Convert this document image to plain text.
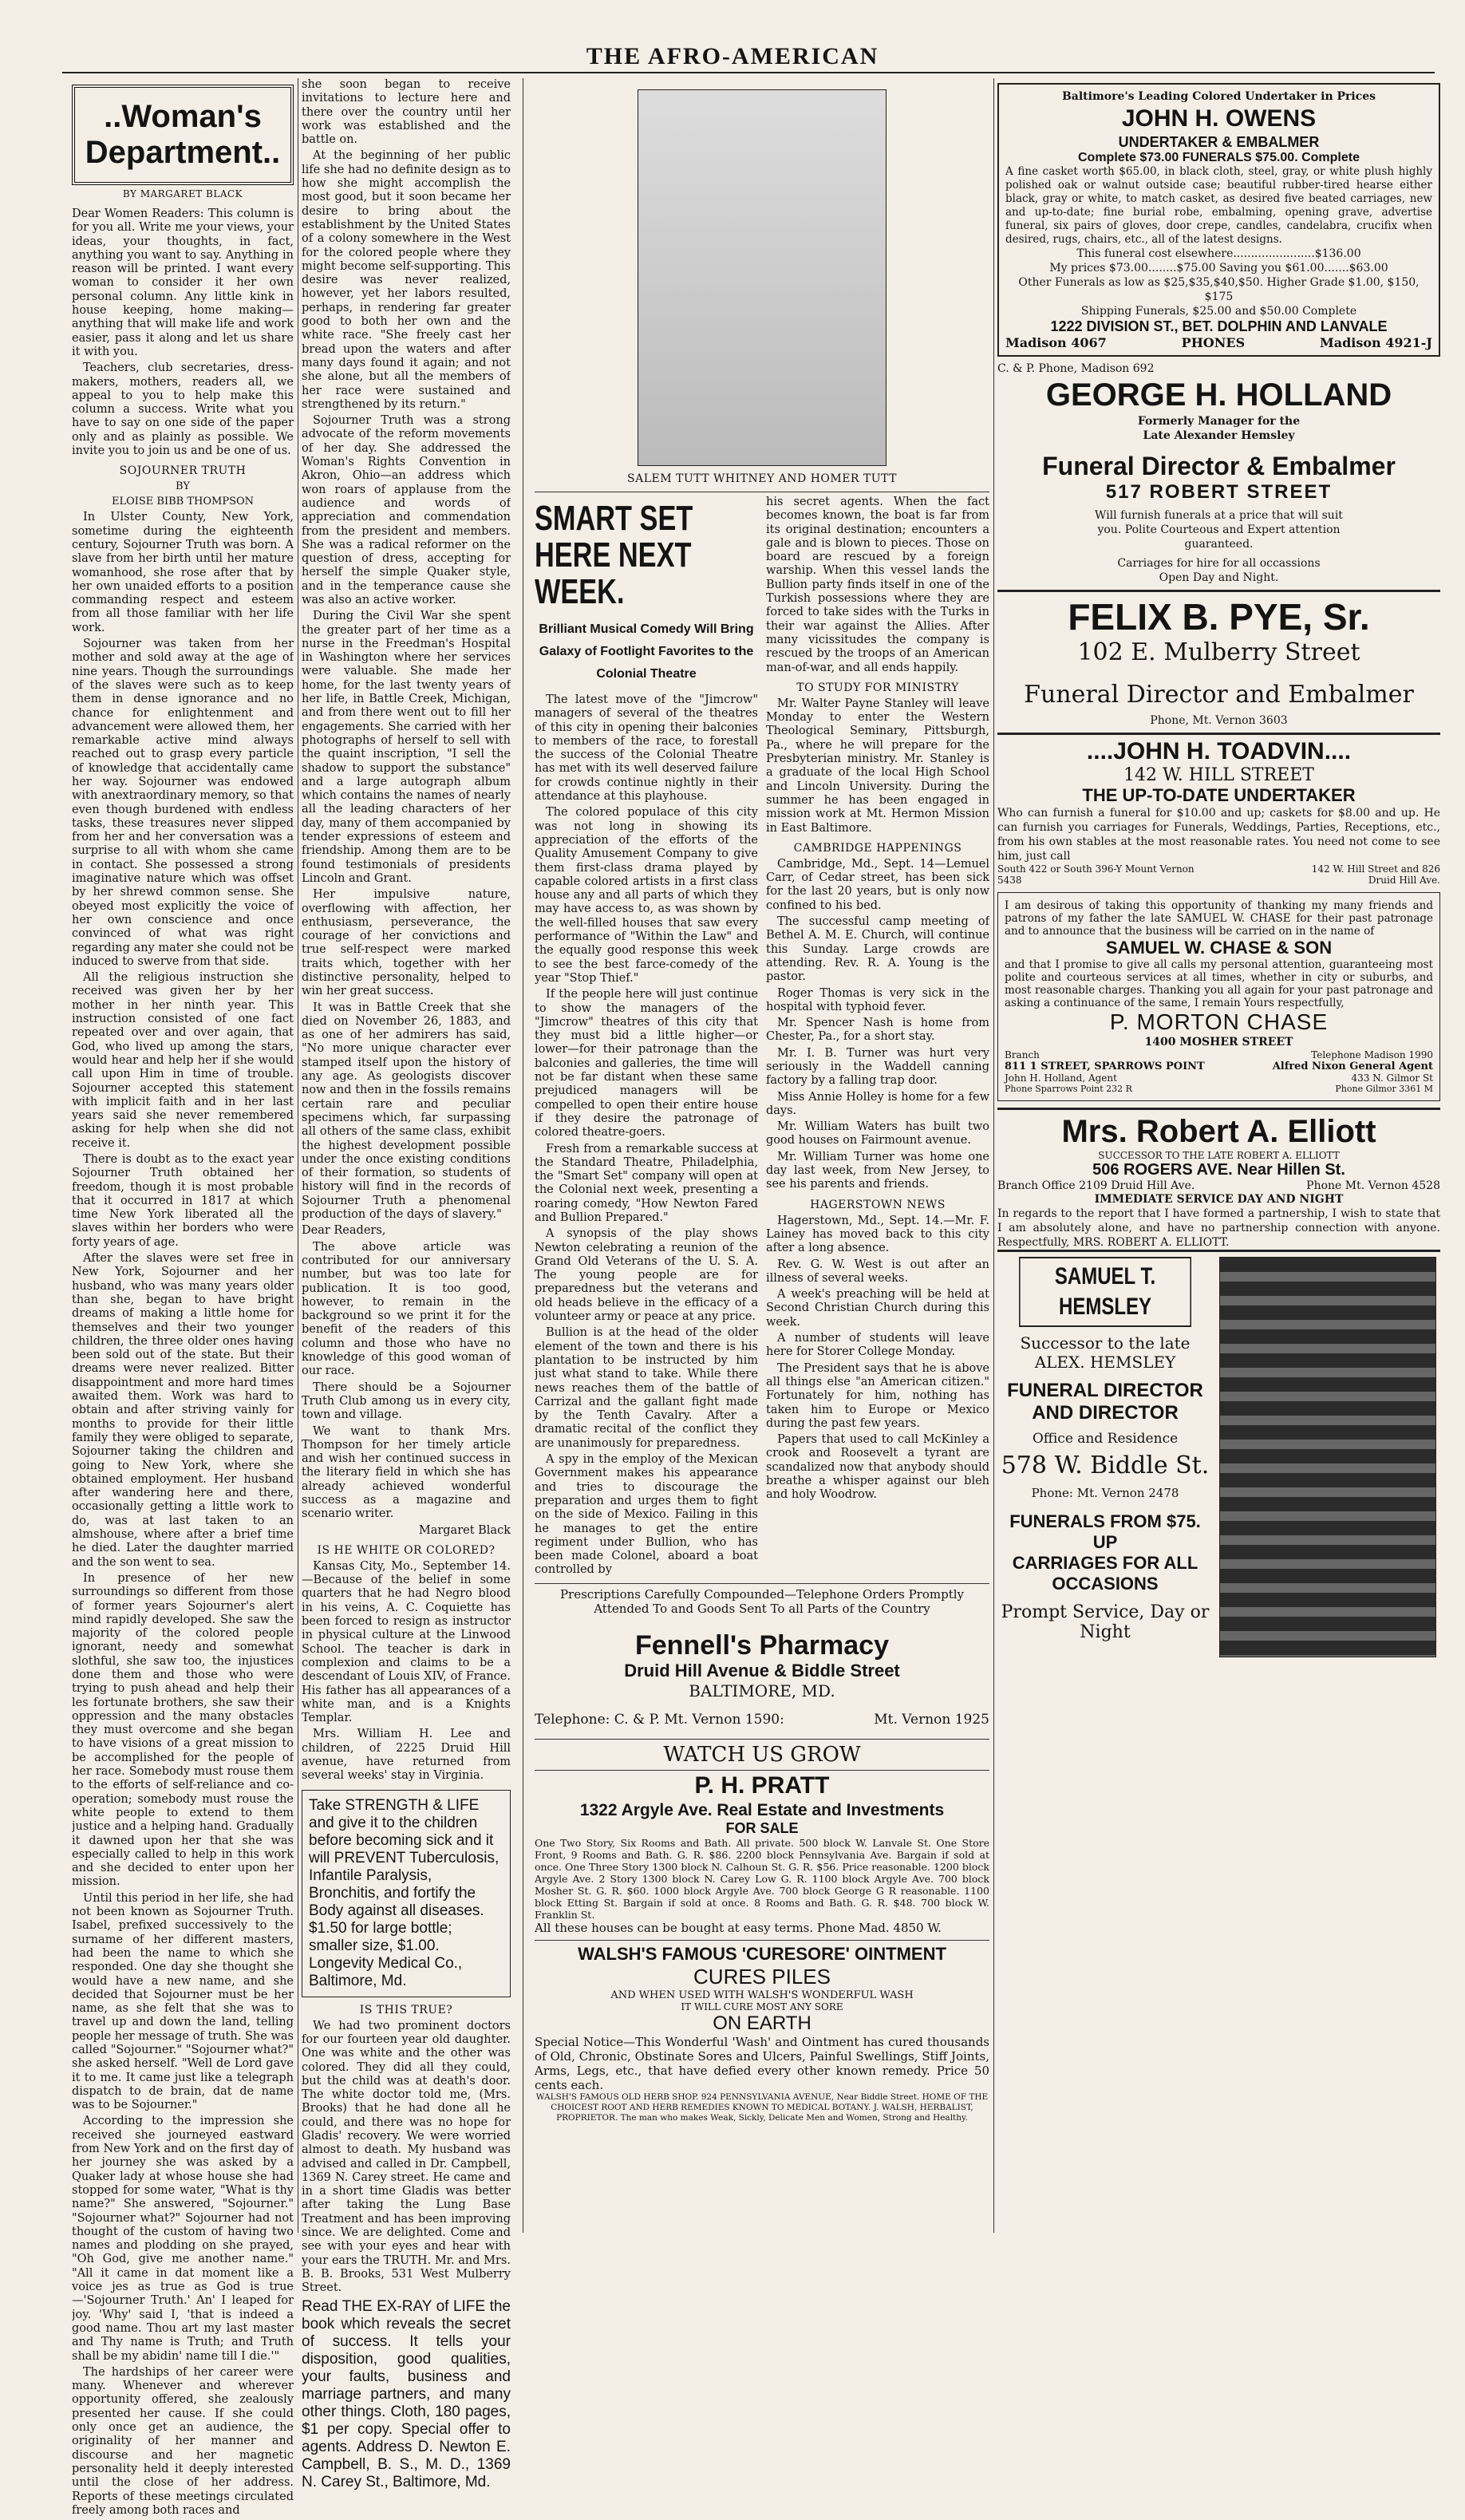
THE AFRO-AMERICAN
..Woman's Department..
BY MARGARET BLACK

Dear Women Readers: This column is for you all. Write me your views, your ideas, your thoughts, in fact, anything you want to say. Anything in reason will be printed. I want every woman to consider it her own personal column. Any little kink in house keeping, home making—anything that will make life and work easier, pass it along and let us share it with you.

Teachers, club secretaries, dress-makers, mothers, readers all, we appeal to you to help make this column a success. Write what you have to say on one side of the paper only and as plainly as possible. We invite you to join us and be one of us.

SOJOURNER TRUTH
BY
ELOISE BIBB THOMPSON

In Ulster County, New York, sometime during the eighteenth century, Sojourner Truth was born. A slave from her birth until her mature womanhood, she rose after that by her own unaided efforts to a position commanding respect and esteem from all those familiar with her life work.

Sojourner was taken from her mother and sold away at the age of nine years. Though the surroundings of the slaves were such as to keep them in dense ignorance and no chance for enlightenment and advancement were allowed them, her remarkable active mind always reached out to grasp every particle of knowledge that accidentally came her way. Sojourner was endowed with anextraordinary memory, so that even though burdened with endless tasks, these treasures never slipped from her and her conversation was a surprise to all with whom she came in contact. She possessed a strong imaginative nature which was offset by her shrewd common sense. She obeyed most explicitly the voice of her own conscience and once convinced of what was right regarding any mater she could not be induced to swerve from that side.

All the religious instruction she received was given her by her mother in her ninth year. This instruction consisted of one fact repeated over and over again, that God, who lived up among the stars, would hear and help her if she would call upon Him in time of trouble. Sojourner accepted this statement with implicit faith and in her last years said she never remembered asking for help when she did not receive it.

There is doubt as to the exact year Sojourner Truth obtained her freedom, though it is most probable that it occurred in 1817 at which time New York liberated all the slaves within her borders who were forty years of age.

After the slaves were set free in New York, Sojourner and her husband, who was many years older than she, began to have bright dreams of making a little home for themselves and their two younger children, the three older ones having been sold out of the state. But their dreams were never realized. Bitter disappointment and more hard times awaited them. Work was hard to obtain and after striving vainly for months to provide for their little family they were obliged to separate, Sojourner taking the children and going to New York, where she obtained employment. Her husband after wandering here and there, occasionally getting a little work to do, was at last taken to an almshouse, where after a brief time he died. Later the daughter married and the son went to sea.

In presence of her new surroundings so different from those of former years Sojourner's alert mind rapidly developed. She saw the majority of the colored people ignorant, needy and somewhat slothful, she saw too, the injustices done them and those who were trying to push ahead and help their les fortunate brothers, she saw their oppression and the many obstacles they must overcome and she began to have visions of a great mission to be accomplished for the people of her race. Somebody must rouse them to the efforts of self-reliance and co-operation; somebody must rouse the white people to extend to them justice and a helping hand. Gradually it dawned upon her that she was especially called to help in this work and she decided to enter upon her mission.

Until this period in her life, she had not been known as Sojourner Truth. Isabel, prefixed successively to the surname of her different masters, had been the name to which she responded. One day she thought she would have a new name, and she decided that Sojourner must be her name, as she felt that she was to travel up and down the land, telling people her message of truth. She was called "Sojourner." "Sojourner what?" she asked herself. "Well de Lord gave it to me. It came just like a telegraph dispatch to de brain, dat de name was to be Sojourner."

According to the impression she received she journeyed eastward from New York and on the first day of her journey she was asked by a Quaker lady at whose house she had stopped for some water, "What is thy name?" She answered, "Sojourner." "Sojourner what?" Sojourner had not thought of the custom of having two names and plodding on she prayed, "Oh God, give me another name." "All it came in dat moment like a voice jes as true as God is true—'Sojourner Truth.' An' I leaped for joy. 'Why' said I, 'that is indeed a good name. Thou art my last master and Thy name is Truth; and Truth shall be my abidin' name till I die.'"

The hardships of her career were many. Whenever and wherever opportunity offered, she zealously presented her cause. If she could only once get an audience, the originality of her manner and discourse and her magnetic personality held it deeply interested until the close of her address. Reports of these meetings circulated freely among both races and

she soon began to receive invitations to lecture here and there over the country until her work was established and the battle on.

At the beginning of her public life she had no definite design as to how she might accomplish the most good, but it soon became her desire to bring about the establishment by the United States of a colony somewhere in the West for the colored people where they might become self-supporting. This desire was never realized, however, yet her labors resulted, perhaps, in rendering far greater good to both her own and the white race. "She freely cast her bread upon the waters and after many days found it again; and not she alone, but all the members of her race were sustained and strengthened by its return."

Sojourner Truth was a strong advocate of the reform movements of her day. She addressed the Woman's Rights Convention in Akron, Ohio—an address which won roars of applause from the audience and words of appreciation and commendation from the president and members. She was a radical reformer on the question of dress, accepting for herself the simple Quaker style, and in the temperance cause she was also an active worker.

During the Civil War she spent the greater part of her time as a nurse in the Freedman's Hospital in Washington where her services were valuable. She made her home, for the last twenty years of her life, in Battle Creek, Michigan, and from there went out to fill her engagements. She carried with her photographs of herself to sell with the quaint inscription, "I sell the shadow to support the substance" and a large autograph album which contains the names of nearly all the leading characters of her day, many of them accompanied by tender expressions of esteem and friendship. Among them are to be found testimonials of presidents Lincoln and Grant.

Her impulsive nature, overflowing with affection, her enthusiasm, perseverance, the courage of her convictions and true self-respect were marked traits which, together with her distinctive personality, helped to win her great success.

It was in Battle Creek that she died on November 26, 1883, and as one of her admirers has said, "No more unique character ever stamped itself upon the history of any age. As geologists discover now and then in the fossils remains certain rare and peculiar specimens which, far surpassing all others of the same class, exhibit the highest development possible under the once existing conditions of their formation, so students of history will find in the records of Sojourner Truth a phenomenal production of the days of slavery."

Dear Readers,

The above article was contributed for our anniversary number, but was too late for publication. It is too good, however, to remain in the background so we print it for the benefit of the readers of this column and those who have no knowledge of this good woman of our race.

There should be a Sojourner Truth Club among us in every city, town and village.

We want to thank Mrs. Thompson for her timely article and wish her continued success in the literary field in which she has already achieved wonderful success as a magazine and scenario writer.

Margaret Black

IS HE WHITE OR COLORED?

Kansas City, Mo., September 14.—Because of the belief in some quarters that he had Negro blood in his veins, A. C. Coquiette has been forced to resign as instructor in physical culture at the Linwood School. The teacher is dark in complexion and claims to be a descendant of Louis XIV, of France. His father has all appearances of a white man, and is a Knights Templar.

Mrs. William H. Lee and children, of 2225 Druid Hill avenue, have returned from several weeks' stay in Virginia.

Take STRENGTH & LIFE and give it to the children before becoming sick and it will PREVENT Tuberculosis, Infantile Paralysis, Bronchitis, and fortify the Body against all diseases. $1.50 for large bottle; smaller size, $1.00. Longevity Medical Co., Baltimore, Md.
IS THIS TRUE?

We had two prominent doctors for our fourteen year old daughter. One was white and the other was colored. They did all they could, but the child was at death's door. The white doctor told me, (Mrs. Brooks) that he had done all he could, and there was no hope for Gladis' recovery. We were worried almost to death. My husband was advised and called in Dr. Campbell, 1369 N. Carey street. He came and in a short time Gladis was better after taking the Lung Base Treatment and has been improving since. We are delighted. Come and see with your eyes and hear with your ears the TRUTH. Mr. and Mrs. B. B. Brooks, 531 West Mulberry Street.

Read THE EX-RAY of LIFE the book which reveals the secret of success. It tells your disposition, good qualities, your faults, business and marriage partners, and many other things. Cloth, 180 pages, $1 per copy. Special offer to agents. Address D. Newton E. Campbell, B. S., M. D., 1369 N. Carey St., Baltimore, Md.
SALEM TUTT WHITNEY AND HOMER TUTT
SMART SET HERE NEXT WEEK.
Brilliant Musical Comedy Will Bring Galaxy of Footlight Favorites to the Colonial Theatre

The latest move of the "Jimcrow" managers of several of the theatres of this city in opening their balconies to members of the race, to forestall the success of the Colonial Theatre has met with its well deserved failure for crowds continue nightly in their attendance at this playhouse.

The colored populace of this city was not long in showing its appreciation of the efforts of the Quality Amusement Company to give them first-class drama played by capable colored artists in a first class house any and all parts of which they may have access to, as was shown by the well-filled houses that saw every performance of "Within the Law" and the equally good response this week to see the best farce-comedy of the year "Stop Thief."

If the people here will just continue to show the managers of the "Jimcrow" theatres of this city that they must bid a little higher—or lower—for their patronage than the balconies and galleries, the time will not be far distant when these same prejudiced managers will be compelled to open their entire house if they desire the patronage of colored theatre-goers.

Fresh from a remarkable success at the Standard Theatre, Philadelphia, the "Smart Set" company will open at the Colonial next week, presenting a roaring comedy, "How Newton Fared and Bullion Prepared."

A synopsis of the play shows Newton celebrating a reunion of the Grand Old Veterans of the U. S. A. The young people are for preparedness but the veterans and old heads believe in the efficacy of a volunteer army or peace at any price.

Bullion is at the head of the older element of the town and there is his plantation to be instructed by him just what stand to take. While there news reaches them of the battle of Carrizal and the gallant fight made by the Tenth Cavalry. After a dramatic recital of the conflict they are unanimously for preparedness.

A spy in the employ of the Mexican Government makes his appearance and tries to discourage the preparation and urges them to fight on the side of Mexico. Failing in this he manages to get the entire regiment under Bullion, who has been made Colonel, aboard a boat controlled by

his secret agents. When the fact becomes known, the boat is far from its original destination; encounters a gale and is blown to pieces. Those on board are rescued by a foreign warship. When this vessel lands the Bullion party finds itself in one of the Turkish possessions where they are forced to take sides with the Turks in their war against the Allies. After many vicissitudes the company is rescued by the troops of an American man-of-war, and all ends happily.

TO STUDY FOR MINISTRY

Mr. Walter Payne Stanley will leave Monday to enter the Western Theological Seminary, Pittsburgh, Pa., where he will prepare for the Presbyterian ministry. Mr. Stanley is a graduate of the local High School and Lincoln University. During the summer he has been engaged in mission work at Mt. Hermon Mission in East Baltimore.

CAMBRIDGE HAPPENINGS

Cambridge, Md., Sept. 14—Lemuel Carr, of Cedar street, has been sick for the last 20 years, but is only now confined to his bed.

The successful camp meeting of Bethel A. M. E. Church, will continue this Sunday. Large crowds are attending. Rev. R. A. Young is the pastor.

Roger Thomas is very sick in the hospital with typhoid fever.

Mr. Spencer Nash is home from Chester, Pa., for a short stay.

Mr. I. B. Turner was hurt very seriously in the Waddell canning factory by a falling trap door.

Miss Annie Holley is home for a few days.

Mr. William Waters has built two good houses on Fairmount avenue.

Mr. William Turner was home one day last week, from New Jersey, to see his parents and friends.

HAGERSTOWN NEWS

Hagerstown, Md., Sept. 14.—Mr. F. Lainey has moved back to this city after a long absence.

Rev. G. W. West is out after an illness of several weeks.

A week's preaching will be held at Second Christian Church during this week.

A number of students will leave here for Storer College Monday.

The President says that he is above all things else "an American citizen." Fortunately for him, nothing has taken him to Europe or Mexico during the past few years.

Papers that used to call McKinley a crook and Roosevelt a tyrant are scandalized now that anybody should breathe a whisper against our bleh and holy Woodrow.

Prescriptions Carefully Compounded—Telephone Orders Promptly Attended To and Goods Sent To all Parts of the Country
Fennell's Pharmacy
Druid Hill Avenue & Biddle Street
BALTIMORE, MD.
Telephone: C. & P. Mt. Vernon 1590:	Mt. Vernon 1925
WATCH US GROW
P. H. PRATT
1322 Argyle Ave. Real Estate and Investments
FOR SALE
One Two Story, Six Rooms and Bath. All private. 500 block W. Lanvale St. One Store Front, 9 Rooms and Bath. G. R. $86. 2200 block Pennsylvania Ave. Bargain if sold at once. One Three Story 1300 block N. Calhoun St. G. R. $56. Price reasonable. 1200 block Argyle Ave. 2 Story 1300 block N. Carey Low G. R. 1100 block Argyle Ave. 700 block Mosher St. G. R. $60. 1000 block Argyle Ave. 700 block George G R reasonable. 1100 block Etting St. Bargain if sold at once. 8 Rooms and Bath. G. R. $48. 700 block W. Franklin St.
All these houses can be bought at easy terms. Phone Mad. 4850 W.
WALSH'S FAMOUS 'CURESORE' OINTMENT
CURES PILES
AND WHEN USED WITH WALSH'S WONDERFUL WASH
IT WILL CURE MOST ANY SORE
ON EARTH
Special Notice—This Wonderful 'Wash' and Ointment has cured thousands of Old, Chronic, Obstinate Sores and Ulcers, Painful Swellings, Stiff Joints, Arms, Legs, etc., that have defied every other known remedy. Price 50 cents each.
WALSH'S FAMOUS OLD HERB SHOP. 924 PENNSYLVANIA AVENUE, Near Biddle Street. HOME OF THE CHOICEST ROOT AND HERB REMEDIES KNOWN TO MEDICAL BOTANY. J. WALSH, HERBALIST, PROPRIETOR. The man who makes Weak, Sickly, Delicate Men and Women, Strong and Healthy.
Baltimore's Leading Colored Undertaker in Prices
JOHN H. OWENS
UNDERTAKER & EMBALMER
Complete $73.00 FUNERALS $75.00. Complete
A fine casket worth $65.00, in black cloth, steel, gray, or white plush highly polished oak or walnut outside case; beautiful rubber-tired hearse either black, gray or white, to match casket, as desired five beated carriages, new and up-to-date; fine burial robe, embalming, opening grave, advertise funeral, six pairs of gloves, door crepe, candles, candelabra, crucifix when desired, rugs, chairs, etc., all of the latest designs.
This funeral cost elsewhere.......................$136.00
My prices $73.00........$75.00 Saving you $61.00.......$63.00
Other Funerals as low as $25,$35,$40,$50. Higher Grade $1.00, $150, $175
Shipping Funerals, $25.00 and $50.00 Complete
1222 DIVISION ST., BET. DOLPHIN AND LANVALE
Madison 4067	PHONES	Madison 4921-J
C. & P. Phone, Madison 692
GEORGE H. HOLLAND
Formerly Manager for the Late Alexander Hemsley
Funeral Director & Embalmer
517 ROBERT STREET
Will furnish funerals at a price that will suit you. Polite Courteous and Expert attention guaranteed.
Carriages for hire for all occassions Open Day and Night.
FELIX B. PYE, Sr.
102 E. Mulberry Street
Funeral Director and Embalmer
Phone, Mt. Vernon 3603
....JOHN H. TOADVIN....
142 W. HILL STREET
THE UP-TO-DATE UNDERTAKER
Who can furnish a funeral for $10.00 and up; caskets for $8.00 and up. He can furnish you carriages for Funerals, Weddings, Parties, Receptions, etc., from his own stables at the most reasonable rates. You need not come to see him, just call
South 422 or South 396-Y Mount Vernon 5438
142 W. Hill Street and 826 Druid Hill Ave.
I am desirous of taking this opportunity of thanking my many friends and patrons of my father the late SAMUEL W. CHASE for their past patronage and to announce that the business will be carried on in the name of
SAMUEL W. CHASE & SON
and that I promise to give all calls my personal attention, guaranteeing most polite and courteous services at all times, whether in city or suburbs, and most reasonable charges. Thanking you all again for your past patronage and asking a continuance of the same, I remain Yours respectfully,
P. MORTON CHASE
1400 MOSHER STREET
Branch	Telephone Madison 1990
811 1 STREET, SPARROWS POINT	Alfred Nixon General Agent
John H. Holland, Agent	433 N. Gilmor St
Phone Sparrows Point 232 R	Phone Gilmor 3361 M
Mrs. Robert A. Elliott
SUCCESSOR TO THE LATE ROBERT A. ELLIOTT
506 ROGERS AVE. Near Hillen St.
Branch Office 2109 Druid Hill Ave.	Phone Mt. Vernon 4528
IMMEDIATE SERVICE DAY AND NIGHT
In regards to the report that I have formed a partnership, I wish to state that I am absolutely alone, and have no partnership connection with anyone. Respectfully, MRS. ROBERT A. ELLIOTT.
SAMUEL T. HEMSLEY
Successor to the late ALEX. HEMSLEY
FUNERAL DIRECTOR AND DIRECTOR
Office and Residence
578 W. Biddle St.
Phone: Mt. Vernon 2478
FUNERALS FROM $75. UP
CARRIAGES FOR ALL OCCASIONS
Prompt Service, Day or Night
